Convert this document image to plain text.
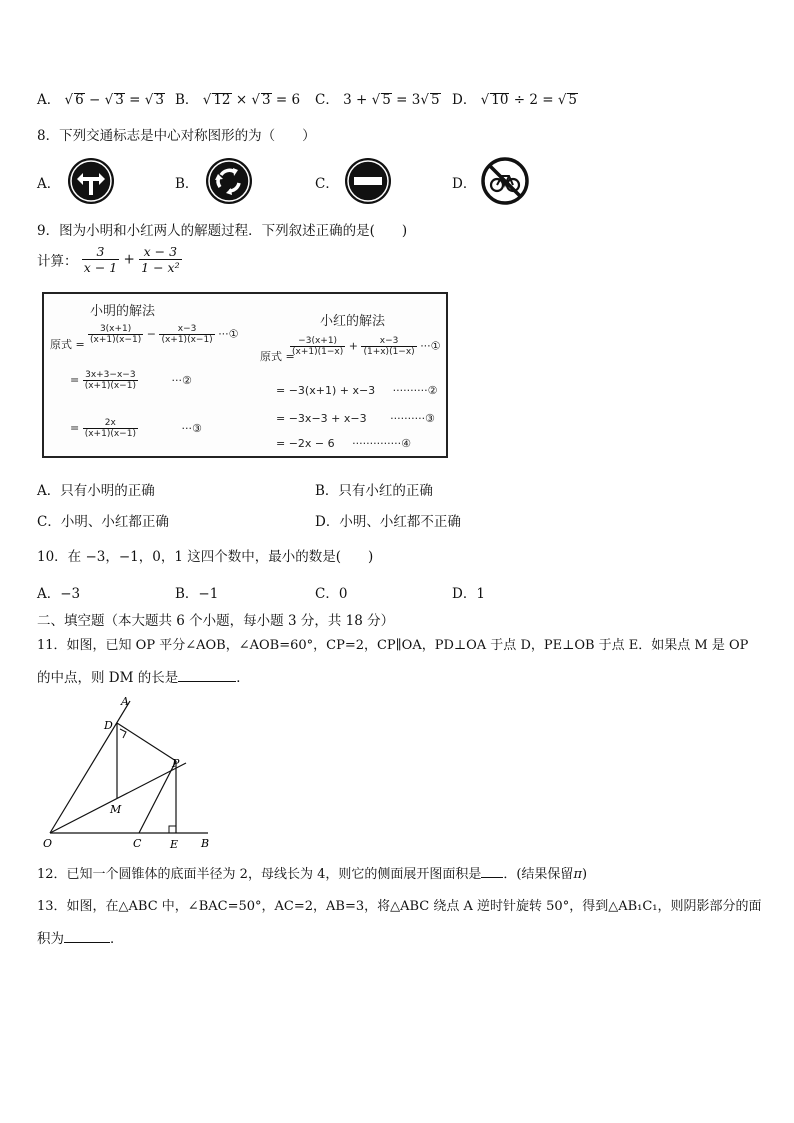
A． √ 6 − √ 3 = √ 3 B． √ 12 × √ 3 = 6 C． 3 + √ 5 = 3√ 5 D． √ 10 ÷ 2 = √ 5
8．下列交通标志是中心对称图形的为（　　）
A．	B．	C．	D．
9．图为小明和小红两人的解题过程．下列叙述正确的是(　　)
计算： $\frac{3}{x - 1} + \frac{x - 3}{\text{1 − x²}}$
小明的解法
原式 = $\frac{3(x+1)}{(x+1)(x-1)} - \frac{x-3}{(x+1)(x-1)}$ ···①
= $\frac{3x+3-x-3}{(x+1)(x-1)}$	···②
= $\frac{2x}{(x+1)(x-1)}$	···③
小红的解法
原式 =
$\frac{-3(x+1)}{(x+1)(1-x)} + \frac{x-3}{(1+x)(1-x)}$ ···①
= −3(x+1) + x−3 ··········②
= −3x−3 + x−3 ··········③
= −2x − 6 ··············④
A．只有小明的正确	B．只有小红的正确
C．小明、小红都正确	D．小明、小红都不正确
10．在 −3，−1，0，1 这四个数中，最小的数是(　　)
A．−3	B．−1	C．0	D．1
二、填空题（本大题共 6 个小题，每小题 3 分，共 18 分）
11．如图，已知 OP 平分∠AOB，∠AOB=60°，CP=2，CP∥OA，PD⊥OA 于点 D，PE⊥OB 于点 E．如果点 M 是 OP
的中点，则 DM 的长是	．
A
D
P
M
O	C	E B
12．已知一个圆锥体的底面半径为 2，母线长为 4，则它的侧面展开图面积是 ．(结果保留π)
13．如图，在△ABC 中，∠BAC=50°，AC=2，AB=3，将△ABC 绕点 A 逆时针旋转 50°，得到△AB₁C₁，则阴影部分的面
积为	．
